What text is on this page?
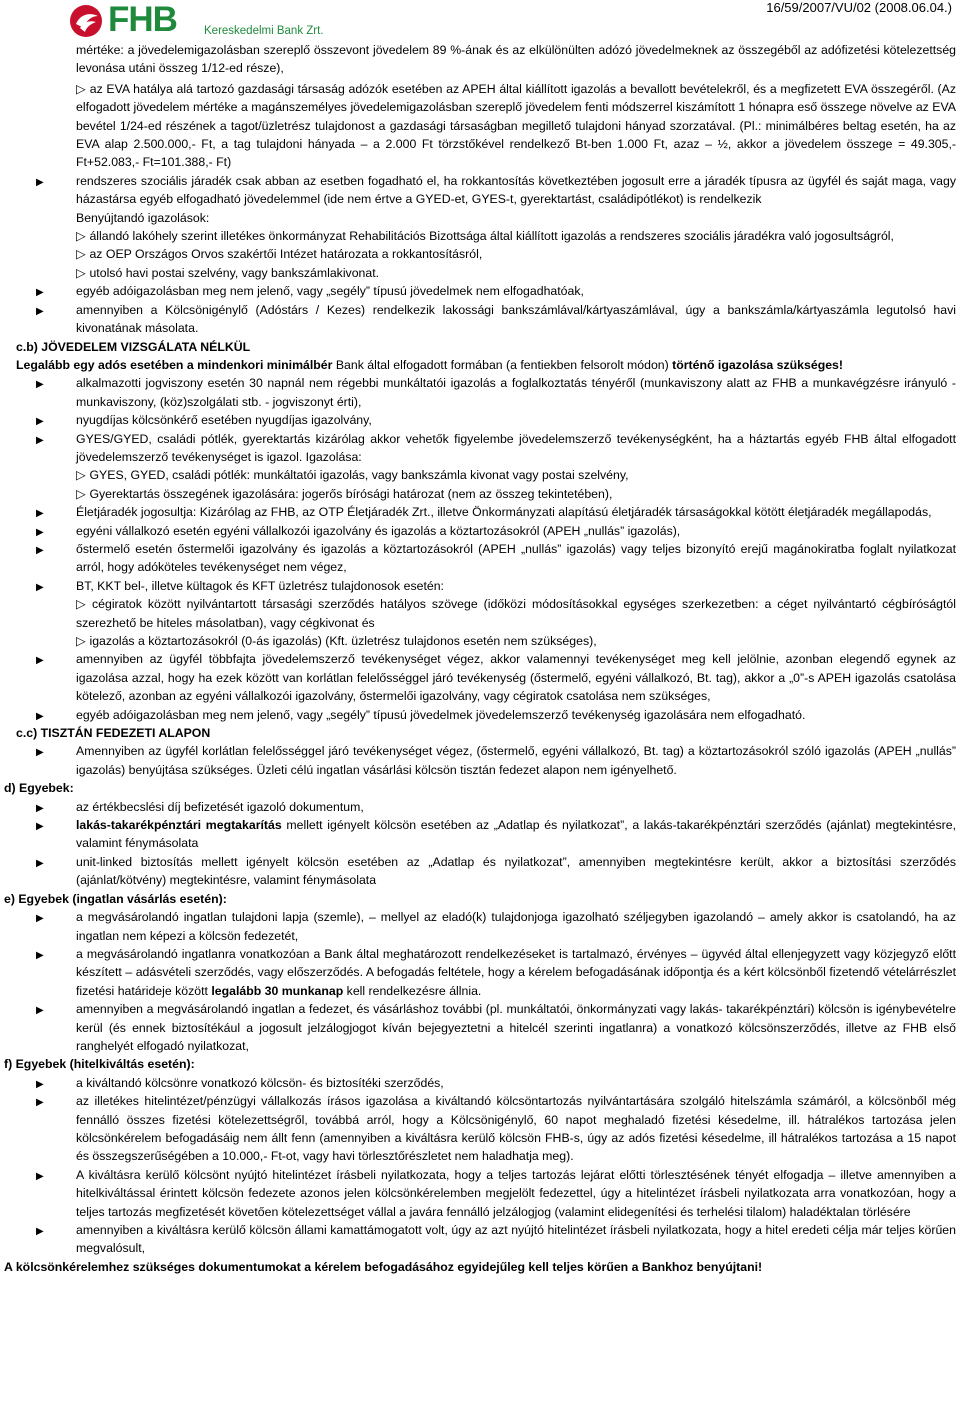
FHB Kereskedelmi Bank Zrt.
16/59/2007/VU/02 (2008.06.04.)

mértéke: a jövedelemigazolásban szereplő összevont jövedelem 89 %-ának és az elkülönülten adózó jövedelmeknek az összegéből az adófizetési kötelezettség levonása utáni összeg 1/12-ed része),

▷ az EVA hatálya alá tartozó gazdasági társaság adózók esetében az APEH által kiállított igazolás a bevallott bevételekről, és a megfizetett EVA összegéről. (Az elfogadott jövedelem mértéke a magánszemélyes jövedelemigazolásban szereplő jövedelem fenti módszerrel kiszámított 1 hónapra eső összege növelve az EVA bevétel 1/24-ed részének a tagot/üzletrész tulajdonost a gazdasági társaságban megillető tulajdoni hányad szorzatával. (Pl.: minimálbéres beltag esetén, ha az EVA alap 2.500.000,- Ft, a tag tulajdoni hányada – a 2.000 Ft törzstőkével rendelkező Bt-ben 1.000 Ft, azaz – ½, akkor a jövedelem összege = 49.305,- Ft+52.083,- Ft=101.388,- Ft)

▶	rendszeres szociális járadék csak abban az esetben fogadható el, ha rokkantosítás következtében jogosult erre a járadék típusra az ügyfél és saját maga, vagy házastársa egyéb elfogadható jövedelemmel (ide nem értve a GYED-et, GYES-t, gyerektartást, családipótlékot) is rendelkezik

Benyújtandó igazolások:

▷ állandó lakóhely szerint illetékes önkormányzat Rehabilitációs Bizottsága által kiállított igazolás a rendszeres szociális járadékra való jogosultságról,

▷ az OEP Országos Orvos szakértői Intézet határozata a rokkantosításról,

▷ utolsó havi postai szelvény, vagy bankszámlakivonat.

▶	egyéb adóigazolásban meg nem jelenő, vagy „segély” típusú jövedelmek nem elfogadhatóak,

▶	amennyiben a Kölcsönigénylő (Adóstárs / Kezes) rendelkezik lakossági bankszámlával/kártyaszámlával, úgy a bankszámla/kártyaszámla legutolsó havi kivonatának másolata.

c.b) JÖVEDELEM VIZSGÁLATA NÉLKÜL

Legalább egy adós esetében a mindenkori minimálbér Bank által elfogadott formában (a fentiekben felsorolt módon) történő igazolása szükséges!

▶	alkalmazotti jogviszony esetén 30 napnál nem régebbi munkáltatói igazolás a foglalkoztatás tényéről (munkaviszony alatt az FHB a munkavégzésre irányuló - munkaviszony, (köz)szolgálati stb. - jogviszonyt érti),

▶	nyugdíjas kölcsönkérő esetében nyugdíjas igazolvány,

▶	GYES/GYED, családi pótlék, gyerektartás kizárólag akkor vehetők figyelembe jövedelemszerző tevékenységként, ha a háztartás egyéb FHB által elfogadott jövedelemszerző tevékenységet is igazol. Igazolása:

▷ GYES, GYED, családi pótlék: munkáltatói igazolás, vagy bankszámla kivonat vagy postai szelvény,

▷ Gyerektartás összegének igazolására: jogerős bírósági határozat (nem az összeg tekintetében),

▶	Életjáradék jogosultja: Kizárólag az FHB, az OTP Életjáradék Zrt., illetve Önkormányzati alapítású életjáradék társaságokkal kötött életjáradék megállapodás,

▶	egyéni vállalkozó esetén egyéni vállalkozói igazolvány és igazolás a köztartozásokról (APEH „nullás” igazolás),

▶	őstermelő esetén őstermelői igazolvány és igazolás a köztartozásokról (APEH „nullás” igazolás) vagy teljes bizonyító erejű magánokiratba foglalt nyilatkozat arról, hogy adóköteles tevékenységet nem végez,

▶	BT, KKT bel-, illetve kültagok és KFT üzletrész tulajdonosok esetén:

▷ cégiratok között nyilvántartott társasági szerződés hatályos szövege (időközi módosításokkal egységes szerkezetben: a céget nyilvántartó cégbíróságtól szerezhető be hiteles másolatban), vagy cégkivonat és

▷ igazolás a köztartozásokról (0-ás igazolás) (Kft. üzletrész tulajdonos esetén nem szükséges),

▶	amennyiben az ügyfél többfajta jövedelemszerző tevékenységet végez, akkor valamennyi tevékenységet meg kell jelölnie, azonban elegendő egynek az igazolása azzal, hogy ha ezek között van korlátlan felelősséggel járó tevékenység (őstermelő, egyéni vállalkozó, Bt. tag), akkor a „0”-s APEH igazolás csatolása kötelező, azonban az egyéni vállalkozói igazolvány, őstermelői igazolvány, vagy cégiratok csatolása nem szükséges,

▶	egyéb adóigazolásban meg nem jelenő, vagy „segély” típusú jövedelmek jövedelemszerző tevékenység igazolására nem elfogadható.

c.c) TISZTÁN FEDEZETI ALAPON

▶	Amennyiben az ügyfél korlátlan felelősséggel járó tevékenységet végez, (őstermelő, egyéni vállalkozó, Bt. tag) a köztartozásokról szóló igazolás (APEH „nullás” igazolás) benyújtása szükséges. Üzleti célú ingatlan vásárlási kölcsön tisztán fedezet alapon nem igényelhető.

d) Egyebek:

▶	az értékbecslési díj befizetését igazoló dokumentum,

▶	lakás-takarékpénztári megtakarítás mellett igényelt kölcsön esetében az „Adatlap és nyilatkozat”, a lakás-takarékpénztári szerződés (ajánlat) megtekintésre, valamint fénymásolata

▶	unit-linked biztosítás mellett igényelt kölcsön esetében az „Adatlap és nyilatkozat”, amennyiben megtekintésre került, akkor a biztosítási szerződés (ajánlat/kötvény) megtekintésre, valamint fénymásolata

e) Egyebek (ingatlan vásárlás esetén):

▶	a megvásárolandó ingatlan tulajdoni lapja (szemle), – mellyel az eladó(k) tulajdonjoga igazolható széljegyben igazolandó – amely akkor is csatolandó, ha az ingatlan nem képezi a kölcsön fedezetét,

▶	a megvásárolandó ingatlanra vonatkozóan a Bank által meghatározott rendelkezéseket is tartalmazó, érvényes – ügyvéd által ellenjegyzett vagy közjegyző előtt készített – adásvételi szerződés, vagy előszerződés. A befogadás feltétele, hogy a kérelem befogadásának időpontja és a kért kölcsönből fizetendő vételárrészlet fizetési határideje között legalább 30 munkanap kell rendelkezésre állnia.

▶	amennyiben a megvásárolandó ingatlan a fedezet, és vásárláshoz további (pl. munkáltatói, önkormányzati vagy lakás- takarékpénztári) kölcsön is igénybevételre kerül (és ennek biztosítékául a jogosult jelzálogjogot kíván bejegyeztetni a hitelcél szerinti ingatlanra) a vonatkozó kölcsönszerződés, illetve az FHB első ranghelyét elfogadó nyilatkozat,

f) Egyebek (hitelkiváltás esetén):

▶	a kiváltandó kölcsönre vonatkozó kölcsön- és biztosítéki szerződés,

▶	az illetékes hitelintézet/pénzügyi vállalkozás írásos igazolása a kiváltandó kölcsöntartozás nyilvántartására szolgáló hitelszámla számáról, a kölcsönből még fennálló összes fizetési kötelezettségről, továbbá arról, hogy a Kölcsönigénylő, 60 napot meghaladó fizetési késedelme, ill. hátralékos tartozása jelen kölcsönkérelem befogadásáig nem állt fenn (amennyiben a kiváltásra kerülő kölcsön FHB-s, úgy az adós fizetési késedelme, ill hátralékos tartozása a 15 napot és összegszerűségében a 10.000,- Ft-ot, vagy havi törlesztőrészletet nem haladhatja meg).

▶	A kiváltásra kerülő kölcsönt nyújtó hitelintézet írásbeli nyilatkozata, hogy a teljes tartozás lejárat előtti törlesztésének tényét elfogadja – illetve amennyiben a hitelkiváltással érintett kölcsön fedezete azonos jelen kölcsönkérelemben megjelölt fedezettel, úgy a hitelintézet írásbeli nyilatkozata arra vonatkozóan, hogy a teljes tartozás megfizetését követően kötelezettséget vállal a javára fennálló jelzálogjog (valamint elidegenítési és terhelési tilalom) haladéktalan törlésére

▶	amennyiben a kiváltásra kerülő kölcsön állami kamattámogatott volt, úgy az azt nyújtó hitelintézet írásbeli nyilatkozata, hogy a hitel eredeti célja már teljes körűen megvalósult,

A kölcsönkérelemhez szükséges dokumentumokat a kérelem befogadásához egyidejűleg kell teljes körűen a Bankhoz benyújtani!
